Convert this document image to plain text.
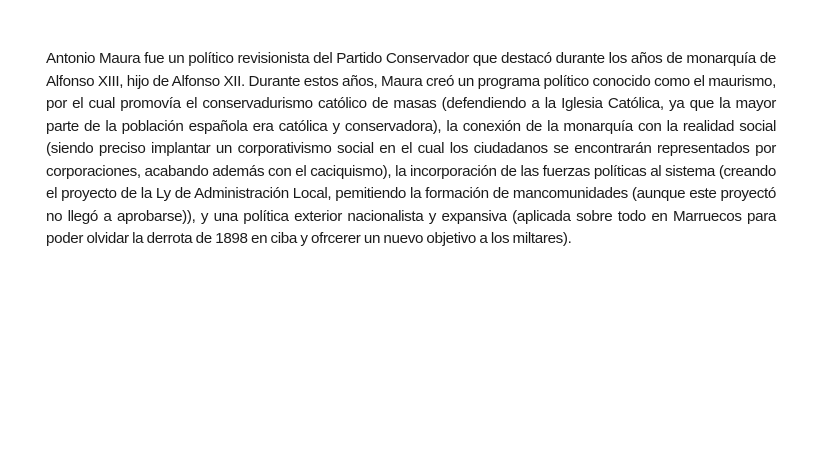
Antonio Maura fue un político revisionista del Partido Conservador que destacó durante los años de monarquía de Alfonso XIII, hijo de Alfonso XII. Durante estos años, Maura creó un programa político conocido como el maurismo, por el cual promovía el conservadurismo católico de masas (defendiendo a la Iglesia Católica, ya que la mayor parte de la población española era católica y conservadora), la conexión de la monarquía con la realidad social (siendo preciso implantar un corporativismo social en el cual los ciudadanos se encontrarán representados por corporaciones, acabando además con el caciquismo), la incorporación de las fuerzas políticas al sistema (creando el proyecto de la Ly de Administración Local, pemitiendo la formación de mancomunidades (aunque este proyectó no llegó a aprobarse)), y una política exterior nacionalista y expansiva (aplicada sobre todo en Marruecos para poder olvidar la derrota de 1898 en ciba y ofrcerer un nuevo objetivo a los miltares).
